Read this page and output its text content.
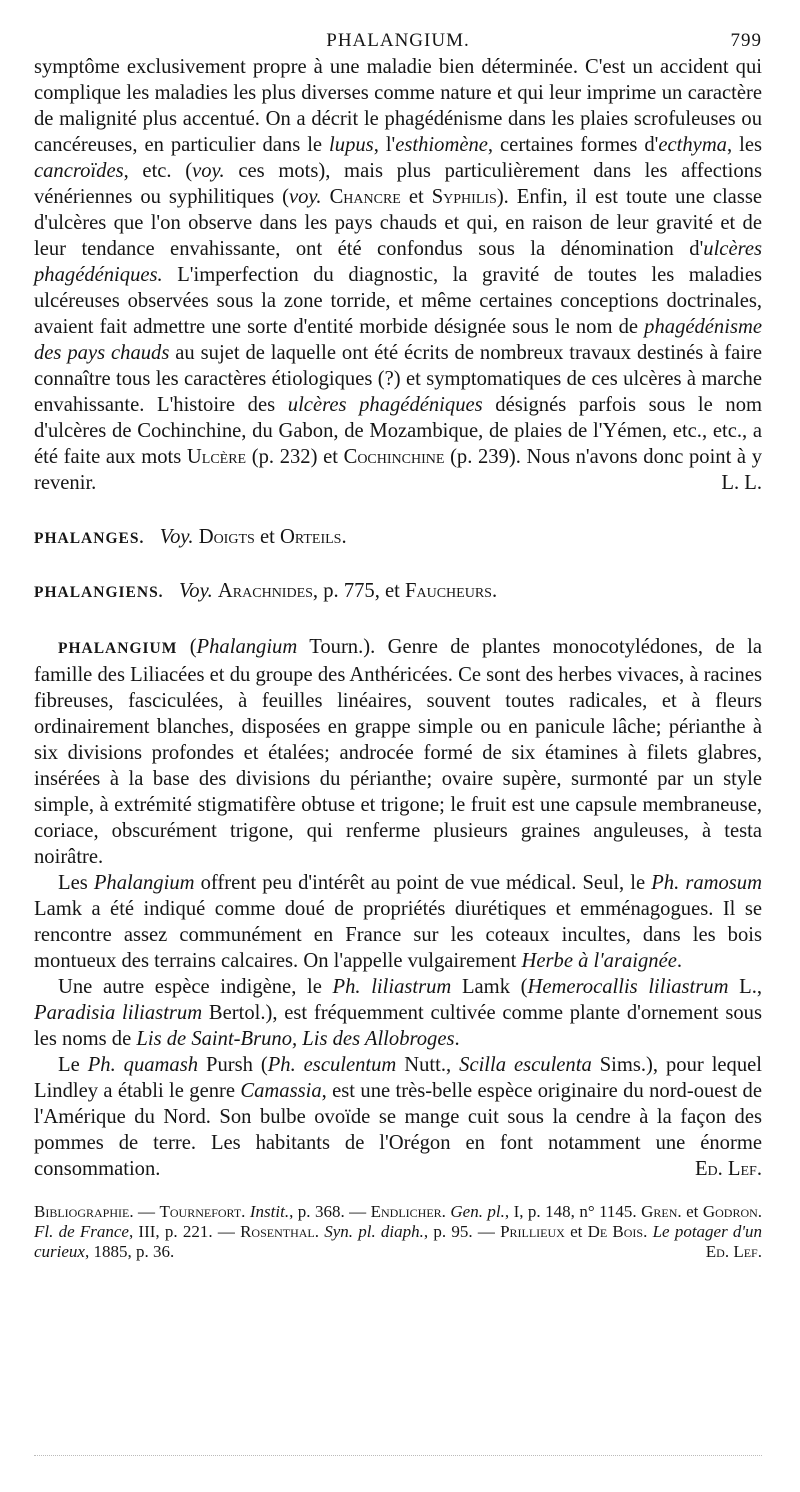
PHALANGIUM.	799

symptôme exclusivement propre à une maladie bien déterminée. C'est un accident qui complique les maladies les plus diverses comme nature et qui leur imprime un caractère de malignité plus accentué. On a décrit le phagédénisme dans les plaies scrofuleuses ou cancéreuses, en particulier dans le lupus, l'esthiomène, certaines formes d'ecthyma, les cancroïdes, etc. (voy. ces mots), mais plus particulièrement dans les affections vénériennes ou syphilitiques (voy. Chancre et Syphilis). Enfin, il est toute une classe d'ulcères que l'on observe dans les pays chauds et qui, en raison de leur gravité et de leur tendance envahissante, ont été confondus sous la dénomination d'ulcères phagédéniques. L'imperfection du diagnostic, la gravité de toutes les maladies ulcéreuses observées sous la zone torride, et même certaines conceptions doctrinales, avaient fait admettre une sorte d'entité morbide désignée sous le nom de phagédénisme des pays chauds au sujet de laquelle ont été écrits de nombreux travaux destinés à faire connaître tous les caractères étiologiques (?) et symptomatiques de ces ulcères à marche envahissante. L'histoire des ulcères phagédéniques désignés parfois sous le nom d'ulcères de Cochinchine, du Gabon, de Mozambique, de plaies de l'Yémen, etc., etc., a été faite aux mots Ulcère (p. 232) et Cochinchine (p. 239). Nous n'avons donc point à y revenir.	L. L.

PHALANGES. Voy. Doigts et Orteils.

PHALANGIENS. Voy. Arachnides, p. 775, et Faucheurs.

PHALANGIUM (Phalangium Tourn.). Genre de plantes monocotylédones, de la famille des Liliacées et du groupe des Anthéricées. Ce sont des herbes vivaces, à racines fibreuses, fasciculées, à feuilles linéaires, souvent toutes radicales, et à fleurs ordinairement blanches, disposées en grappe simple ou en panicule lâche; périanthe à six divisions profondes et étalées; androcée formé de six étamines à filets glabres, insérées à la base des divisions du périanthe; ovaire supère, surmonté par un style simple, à extrémité stigmatifère obtuse et trigone; le fruit est une capsule membraneuse, coriace, obscurément trigone, qui renferme plusieurs graines anguleuses, à testa noirâtre.

Les Phalangium offrent peu d'intérêt au point de vue médical. Seul, le Ph. ramosum Lamk a été indiqué comme doué de propriétés diurétiques et emménagogues. Il se rencontre assez communément en France sur les coteaux incultes, dans les bois montueux des terrains calcaires. On l'appelle vulgairement Herbe à l'araignée.

Une autre espèce indigène, le Ph. liliastrum Lamk (Hemerocallis liliastrum L., Paradisia liliastrum Bertol.), est fréquemment cultivée comme plante d'ornement sous les noms de Lis de Saint-Bruno, Lis des Allobroges.

Le Ph. quamash Pursh (Ph. esculentum Nutt., Scilla esculenta Sims.), pour lequel Lindley a établi le genre Camassia, est une très-belle espèce originaire du nord-ouest de l'Amérique du Nord. Son bulbe ovoïde se mange cuit sous la cendre à la façon des pommes de terre. Les habitants de l'Orégon en font notamment une énorme consommation.	Ed. Lef.

Bibliographie. — Tournefort. Instit., p. 368. — Endlicher. Gen. pl., I, p. 148, n° 1145. Gren. et Godron. Fl. de France, III, p. 221. — Rosenthal. Syn. pl. diaph., p. 95. — Prillieux et De Bois. Le potager d'un curieux, 1885, p. 36.	Ed. Lef.
